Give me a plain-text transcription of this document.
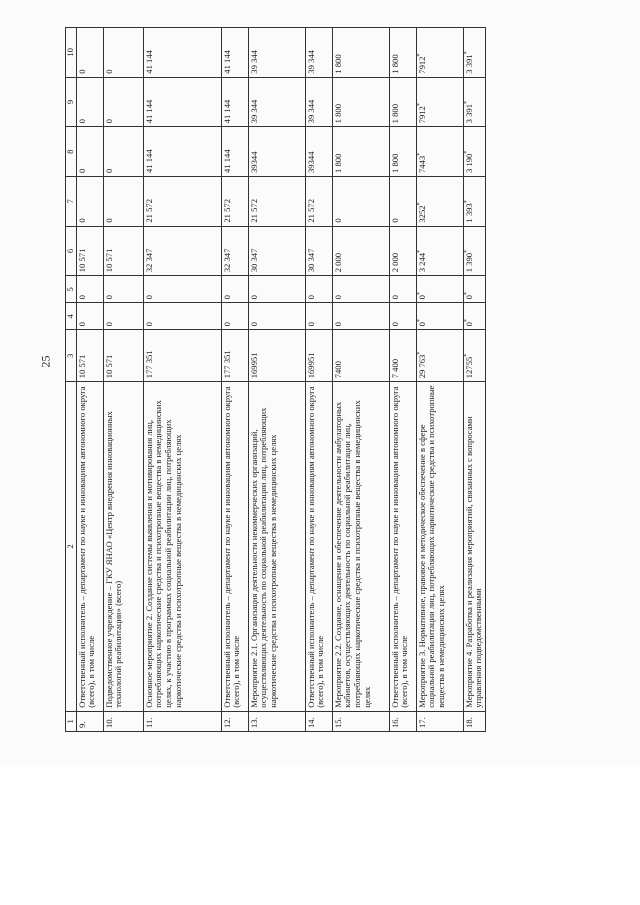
25
1	2	3	4	5	6	7	8	9	10
9.	Ответственный исполнитель – департамент по науке и инновациям автономного округа (всего), в том числе	10 571	0	0	10 571	0	0	0	0
10.	Подведомственное учреждение – ГКУ ЯНАО «Центр внедрения инновационных технологий реабилитации» (всего)	10 571	0	0	10 571	0	0	0	0
11.	Основное мероприятие 2. Создание системы выявления и мотивирования лиц, потребляющих наркотические средства и психотропные вещества в немедицинских целях, к участию в программах социальной реабилитации лиц, потребляющих наркотические средства и психотропные вещества в немедицинских целях	177 351	0	0	32 347	21 572	41 144	41 144	41 144
12.	Ответственный исполнитель – департамент по науке и инновациям автономного округа (всего), в том числе	177 351	0	0	32 347	21 572	41 144	41 144	41 144
13.	Мероприятие 2.1. Организация деятельности некоммерческих организаций, осуществляющих деятельность по социальной реабилитации лиц, потребляющих наркотические средства и психотропные вещества в немедицинских целях	169951	0	0	30 347	21 572	39344	39 344	39 344
14.	Ответственный исполнитель – департамент по науке и инновациям автономного округа (всего), в том числе	169951	0	0	30 347	21 572	39344	39 344	39 344
15.	Мероприятие 2.2. Создание, оснащение и обеспечение деятельности амбулаторных кабинетов, осуществляющих деятельность по социальной реабилитации лиц, потребляющих наркотические средства и психотропные вещества в немедицинских целях	7400	0	0	2 000	0	1 800	1 800	1 800
16.	Ответственный исполнитель – департамент по науке и инновациям автономного округа (всего), в том числе	7 400	0	0	2 000	0	1 800	1 800	1 800
17.	Мероприятие 3. Нормативное, правовое и методическое обеспечение в сфере социальной реабилитации лиц, потребляющих наркотические средства и психотропные вещества в немедицинских целях	29 763*	0*	0*	3 244*	3252*	7443*	7912*	7912*
18.	Мероприятие 4. Разработка и реализация мероприятий, связанных с вопросами управления подведомственными	12755*	0*	0*	1 390*	1 393*	3 190*	3 391*	3 391*
